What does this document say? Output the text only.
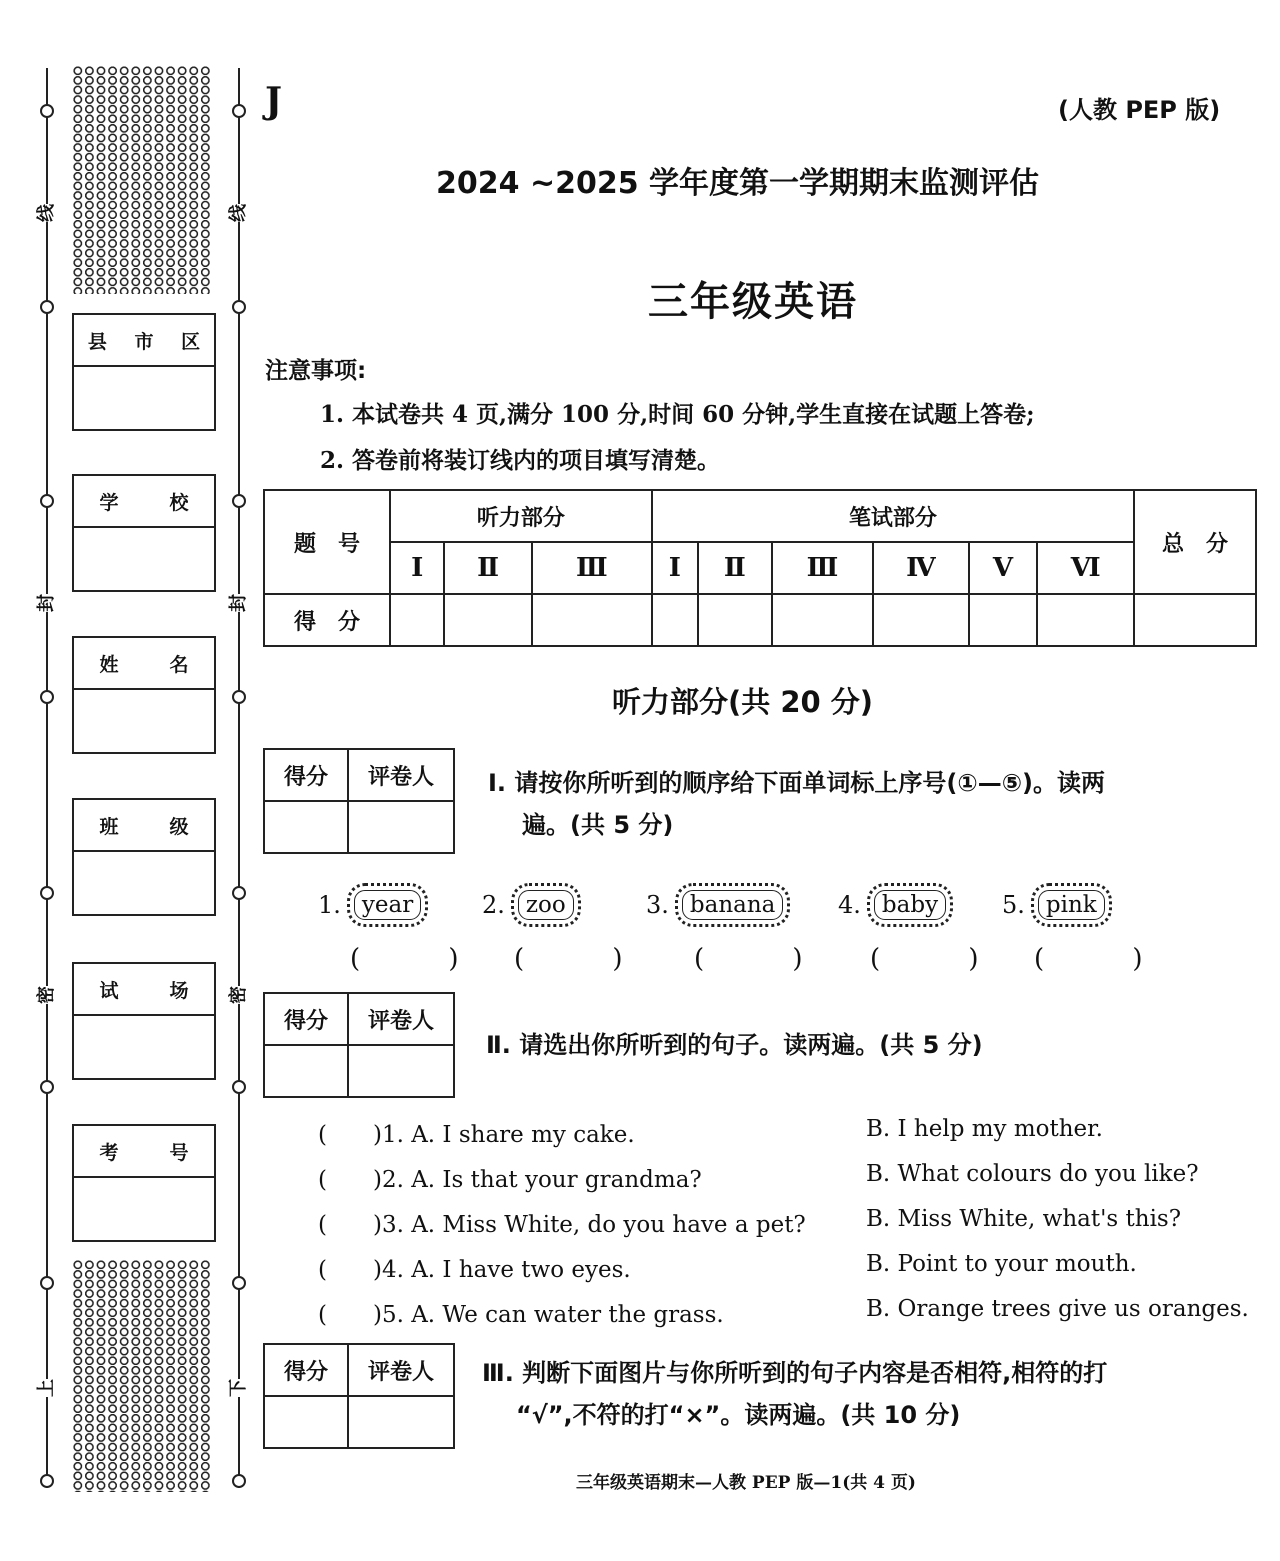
线
封
密
上
线
封
密
下
县	市	区
学	校
姓	名
班	级
试	场
考	号
J	(人教 PEP 版)
2024 ~2025 学年度第一学期期末监测评估
三年级英语
注意事项:
1. 本试卷共 4 页,满分 100 分,时间 60 分钟,学生直接在试题上答卷;
2. 答卷前将装订线内的项目填写清楚。
题　号	听力部分			笔试部分						总　分
	I	Ⅱ	Ⅲ	I	Ⅱ	Ⅲ	Ⅳ	V	Ⅵ	
得　分										
听力部分(共 20 分)
得分	评卷人	I. 请按你所听到的顺序给下面单词标上序号(①—⑤)。读两
遍。(共 5 分)
1. year	2. zoo	3. banana	4. baby	5. pink
( ) ( ) ( ) ( ) ( )
得分	评卷人
Ⅱ. 请选出你所听到的句子。读两遍。(共 5 分)
(　　)1. A. I share my cake.	B. I help my mother.
(　　)2. A. Is that your grandma?	B. What colours do you like?
(　　)3. A. Miss White, do you have a pet?	B. Miss White, what's this?
(　　)4. A. I have two eyes.	B. Point to your mouth.
(　　)5. A. We can water the grass.	B. Orange trees give us oranges.
得分	评卷人	Ⅲ. 判断下面图片与你所听到的句子内容是否相符,相符的打
“√”,不符的打“×”。读两遍。(共 10 分)
三年级英语期末—人教 PEP 版—1(共 4 页)
